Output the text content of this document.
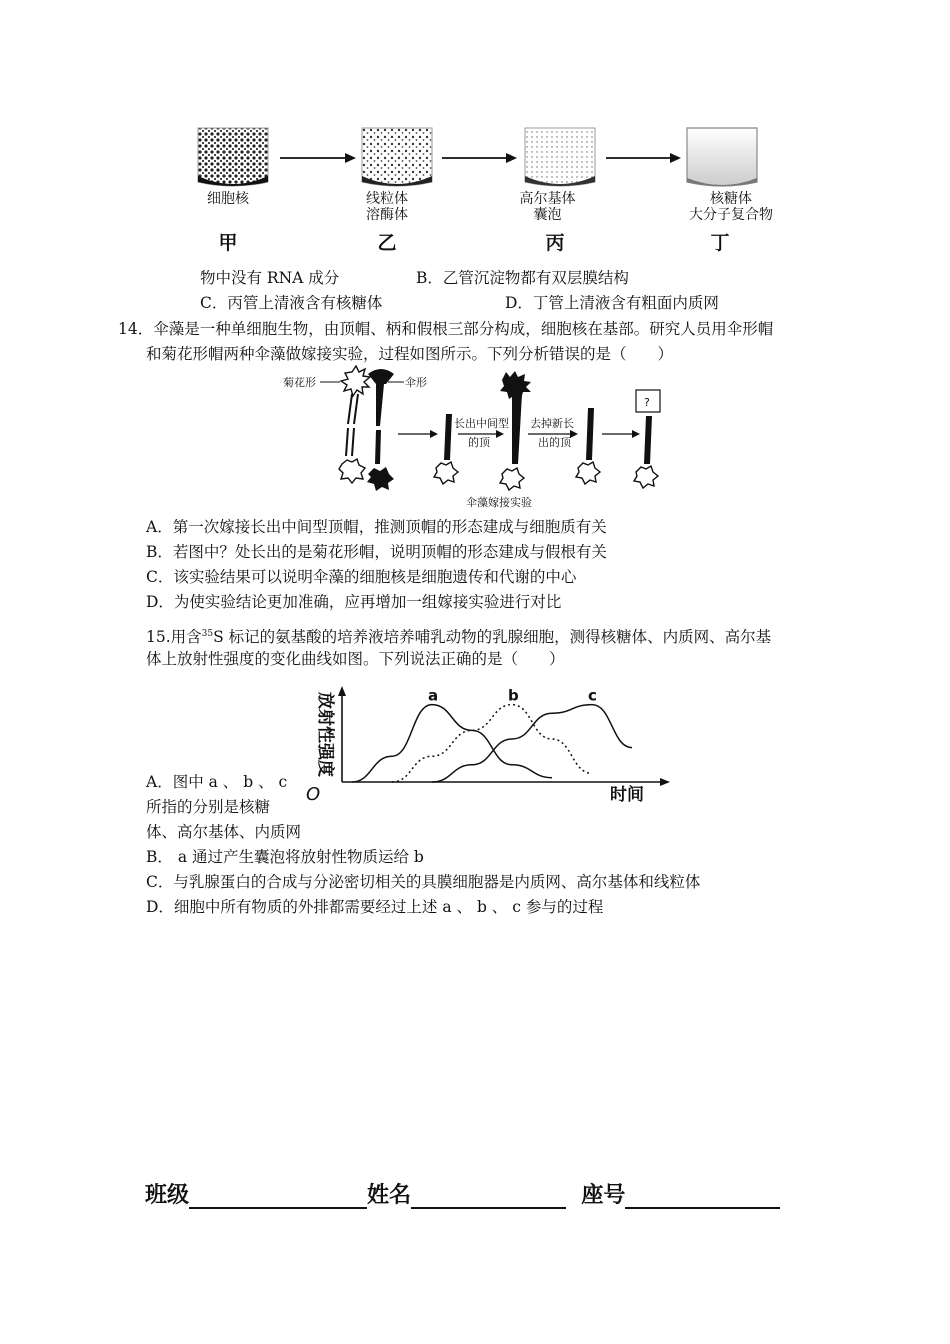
细胞核	线粒体
溶酶体
高尔基体
囊泡
核糖体
大分子复合物
甲	乙	丙	丁
物中没有 RNA 成分	B．乙管沉淀物都有双层膜结构
C．丙管上清液含有核糖体	D．丁管上清液含有粗面内质网
14．伞藻是一种单细胞生物，由顶帽、柄和假根三部分构成，细胞核在基部。研究人员用伞形帽
和菊花形帽两种伞藻做嫁接实验，过程如图所示。下列分析错误的是（　　）
菊花形	伞形
长出中间型
的顶
去掉新长
出的顶
?
伞藻嫁接实验
A．第一次嫁接长出中间型顶帽，推测顶帽的形态建成与细胞质有关
B．若图中？处长出的是菊花形帽，说明顶帽的形态建成与假根有关
C．该实验结果可以说明伞藻的细胞核是细胞遗传和代谢的中心
D．为使实验结论更加准确，应再增加一组嫁接实验进行对比
15.用含$^{35}$S 标记的氨基酸的培养液培养哺乳动物的乳腺细胞，测得核糖体、内质网、高尔基
体上放射性强度的变化曲线如图。下列说法正确的是（　　）
O	时间
放射性强度	a	b	c
A．图中 a 、 b 、 c
所指的分别是核糖
体、高尔基体、内质网
B． a 通过产生囊泡将放射性物质运给 b
C．与乳腺蛋白的合成与分泌密切相关的具膜细胞器是内质网、高尔基体和线粒体
D．细胞中所有物质的外排都需要经过上述 a 、 b 、 c 参与的过程
班级	姓名	座号
